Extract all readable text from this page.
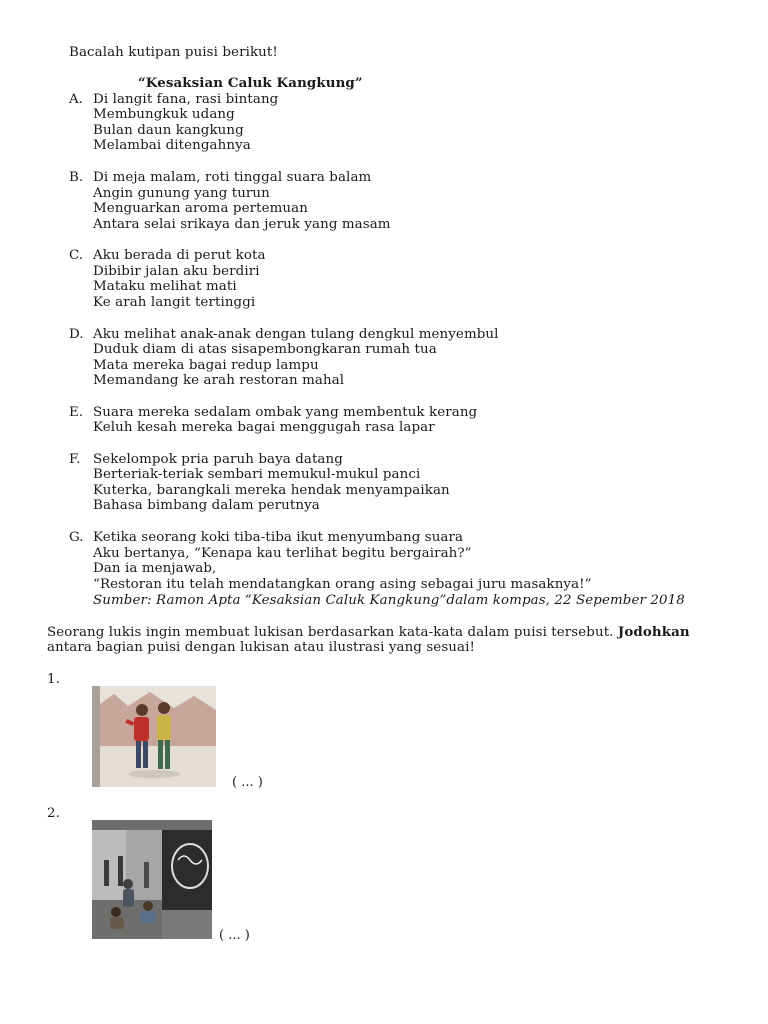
Bacalah kutipan puisi berikut!
“Kesaksian Caluk Kangkung”
A. Di langit fana, rasi bintang
Membungkuk udang
Bulan daun kangkung
Melambai ditengahnya
B. Di meja malam, roti tinggal suara balam
Angin gunung yang turun
Menguarkan aroma pertemuan
Antara selai srikaya dan jeruk yang masam
C. Aku berada di perut kota
Dibibir jalan aku berdiri
Mataku melihat mati
Ke arah langit tertinggi
D. Aku melihat anak-anak dengan tulang dengkul menyembul
Duduk diam di atas sisapembongkaran rumah tua
Mata mereka bagai redup lampu
Memandang ke arah restoran mahal
E. Suara mereka sedalam ombak yang membentuk kerang
Keluh kesah mereka bagai menggugah rasa lapar
F. Sekelompok pria paruh baya datang
Berteriak-teriak sembari memukul-mukul panci
Kuterka, barangkali mereka hendak menyampaikan
Bahasa bimbang dalam perutnya
G. Ketika seorang koki tiba-tiba ikut menyumbang suara
Aku bertanya, “Kenapa kau terlihat begitu bergairah?”
Dan ia menjawab,
“Restoran itu telah mendatangkan orang asing sebagai juru masaknya!”
Sumber: Ramon Apta “Kesaksian Caluk Kangkung”dalam kompas, 22 Sepember 2018
Seorang lukis ingin membuat lukisan berdasarkan kata-kata dalam puisi tersebut. Jodohkan
antara bagian puisi dengan lukisan atau ilustrasi yang sesuai!
1.
( ... )
2.
( ... )
